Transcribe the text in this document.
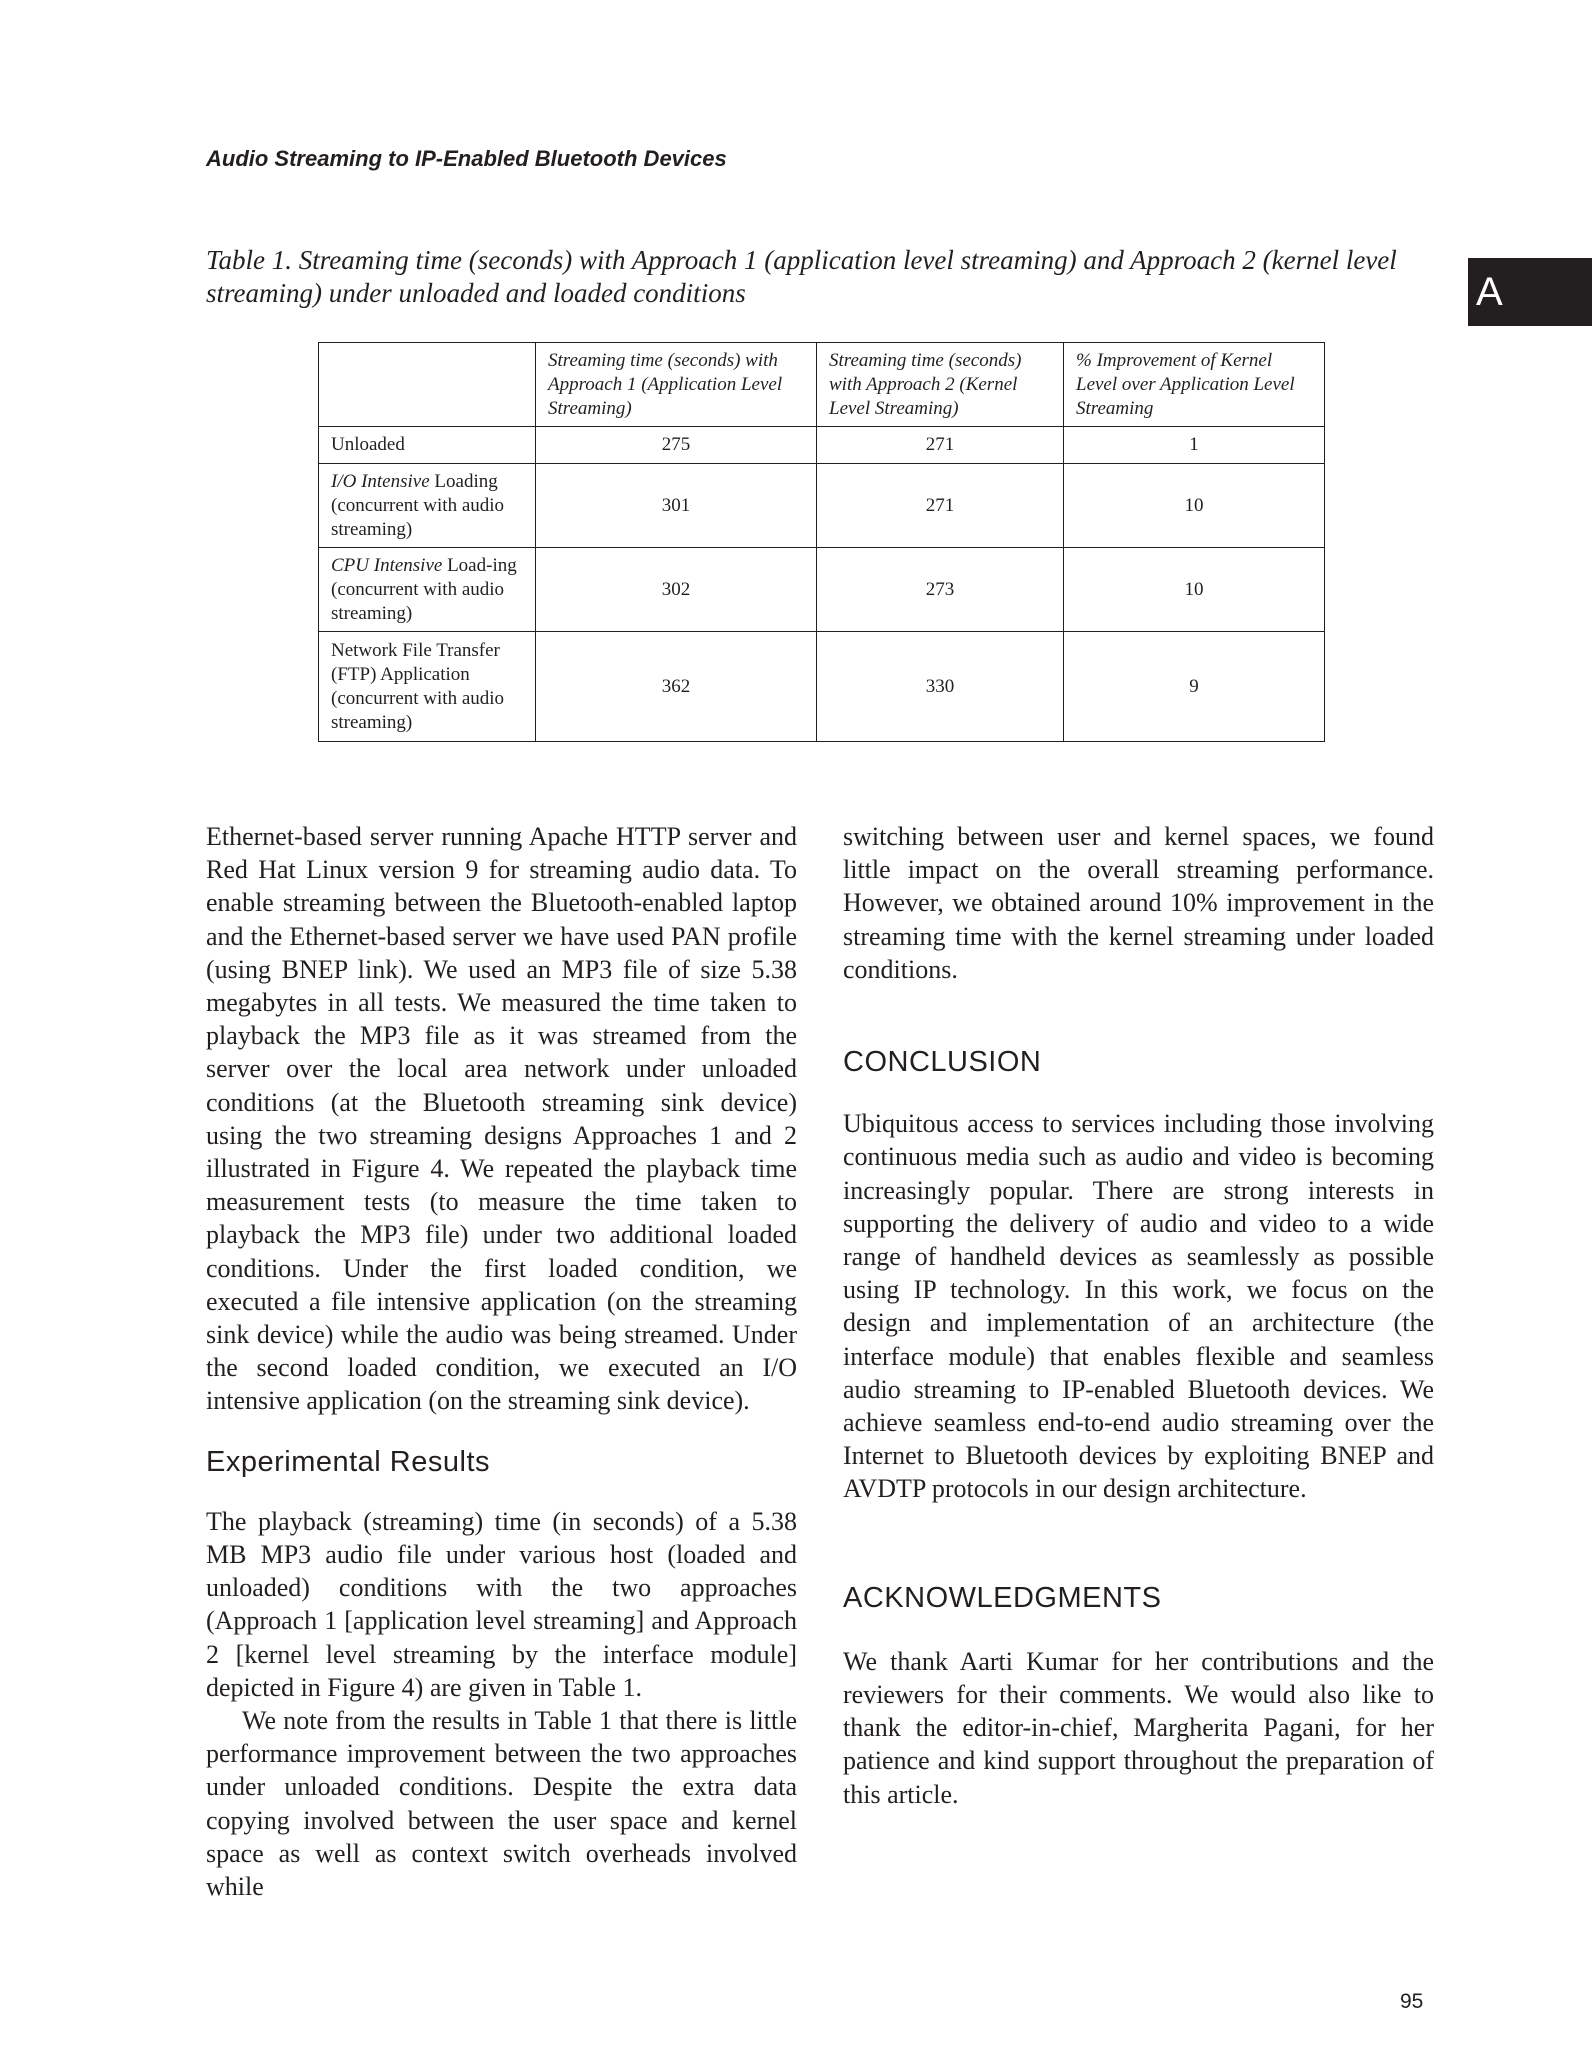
Audio Streaming to IP-Enabled Bluetooth Devices
A
Table 1. Streaming time (seconds) with Approach 1 (application level streaming) and Approach 2 (kernel level streaming) under unloaded and loaded conditions
	Streaming time (seconds) with Approach 1 (Application Level Streaming)	Streaming time (seconds) with Approach 2 (Kernel Level Streaming)	% Improvement of Kernel Level over Application Level Streaming
Unloaded	275	271	1
I/O Intensive Loading (concurrent with audio streaming)	301	271	10
CPU Intensive Load-ing (concurrent with audio streaming)	302	273	10
Network File Transfer (FTP) Application (concurrent with audio streaming)	362	330	9

Ethernet-based server running Apache HTTP server and Red Hat Linux version 9 for streaming audio data. To enable streaming between the Bluetooth-enabled laptop and the Ethernet-based server we have used PAN profile (using BNEP link). We used an MP3 file of size 5.38 megabytes in all tests. We measured the time taken to playback the MP3 file as it was streamed from the server over the local area network under unloaded conditions (at the Bluetooth streaming sink device) using the two streaming designs Approaches 1 and 2 illustrated in Figure 4. We repeated the playback time measurement tests (to measure the time taken to playback the MP3 file) under two additional loaded conditions. Under the first loaded condition, we executed a file intensive application (on the streaming sink device) while the audio was being streamed. Under the second loaded condition, we executed an I/O intensive application (on the streaming sink device).

Experimental Results

The playback (streaming) time (in seconds) of a 5.38 MB MP3 audio file under various host (loaded and unloaded) conditions with the two approaches (Approach 1 [application level streaming] and Approach 2 [kernel level streaming by the interface module] depicted in Figure 4) are given in Table 1.

We note from the results in Table 1 that there is little performance improvement between the two approaches under unloaded conditions. Despite the extra data copying involved between the user space and kernel space as well as context switch overheads involved while

switching between user and kernel spaces, we found little impact on the overall streaming performance. However, we obtained around 10% improvement in the streaming time with the kernel streaming under loaded conditions.

CONCLUSION

Ubiquitous access to services including those involving continuous media such as audio and video is becoming increasingly popular. There are strong interests in supporting the delivery of audio and video to a wide range of handheld devices as seamlessly as possible using IP technology. In this work, we focus on the design and implementation of an architecture (the interface module) that enables flexible and seamless audio streaming to IP-enabled Bluetooth devices. We achieve seamless end-to-end audio streaming over the Internet to Bluetooth devices by exploiting BNEP and AVDTP protocols in our design architecture.

ACKNOWLEDGMENTS

We thank Aarti Kumar for her contributions and the reviewers for their comments. We would also like to thank the editor-in-chief, Margherita Pagani, for her patience and kind support throughout the preparation of this article.

95
